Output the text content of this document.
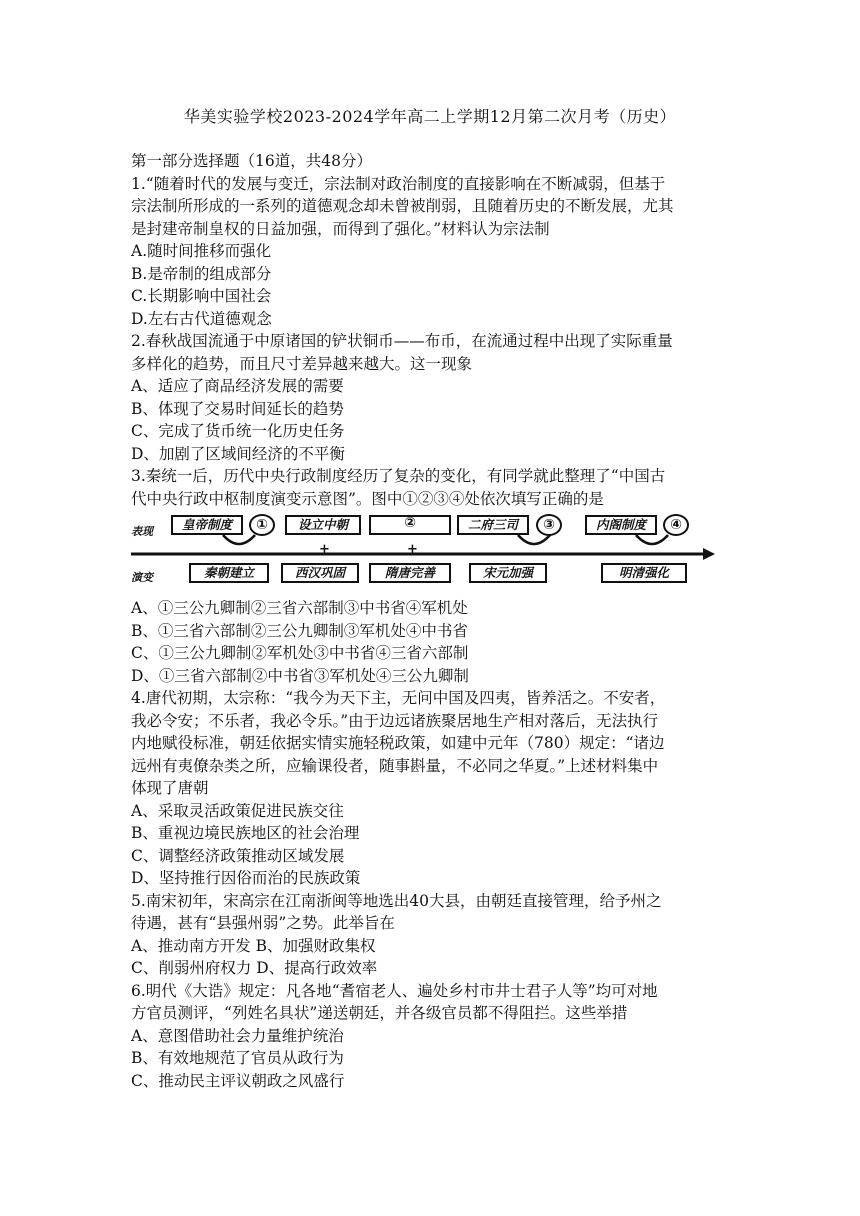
华美实验学校2023-2024学年高二上学期12月第二次月考（历史）
第一部分选择题（16道，共48分）
1.“随着时代的发展与变迁，宗法制对政治制度的直接影响在不断减弱，但基于
宗法制所形成的一系列的道德观念却未曾被削弱，且随着历史的不断发展，尤其
是封建帝制皇权的日益加强，而得到了强化。”材料认为宗法制
A.随时间推移而强化
B.是帝制的组成部分
C.长期影响中国社会
D.左右古代道德观念
2.春秋战国流通于中原诸国的铲状铜币——布币，在流通过程中出现了实际重量
多样化的趋势，而且尺寸差异越来越大。这一现象
A、适应了商品经济发展的需要
B、体现了交易时间延长的趋势
C、完成了货币统一化历史任务
D、加剧了区域间经济的不平衡
3.秦统一后，历代中央行政制度经历了复杂的变化，有同学就此整理了“中国古
代中央行政中枢制度演变示意图”。图中①②③④处依次填写正确的是
表现
演变
皇帝制度	①	设立中朝
+
②
+
二府三司	③	内阁制度	④
秦朝建立	西汉巩固	隋唐完善	宋元加强	明清强化
A、①三公九卿制②三省六部制③中书省④军机处
B、①三省六部制②三公九卿制③军机处④中书省
C、①三公九卿制②军机处③中书省④三省六部制
D、①三省六部制②中书省③军机处④三公九卿制
4.唐代初期，太宗称：“我今为天下主，无问中国及四夷，皆养活之。不安者，
我必令安；不乐者，我必令乐。”由于边远诸族聚居地生产相对落后，无法执行
内地赋役标准，朝廷依据实情实施轻税政策，如建中元年（780）规定：“诸边
远州有夷僚杂类之所，应输课役者，随事斟量，不必同之华夏。”上述材料集中
体现了唐朝
A、采取灵活政策促进民族交往
B、重视边境民族地区的社会治理
C、调整经济政策推动区域发展
D、坚持推行因俗而治的民族政策
5.南宋初年，宋高宗在江南浙闽等地选出40大县，由朝廷直接管理，给予州之
待遇，甚有“县强州弱”之势。此举旨在
A、推动南方开发 B、加强财政集权
C、削弱州府权力 D、提高行政效率
6.明代《大诰》规定：凡各地“耆宿老人、遍处乡村市井士君子人等”均可对地
方官员测评，“列姓名具状”递送朝廷，并各级官员都不得阻拦。这些举措
A、意图借助社会力量维护统治
B、有效地规范了官员从政行为
C、推动民主评议朝政之风盛行
